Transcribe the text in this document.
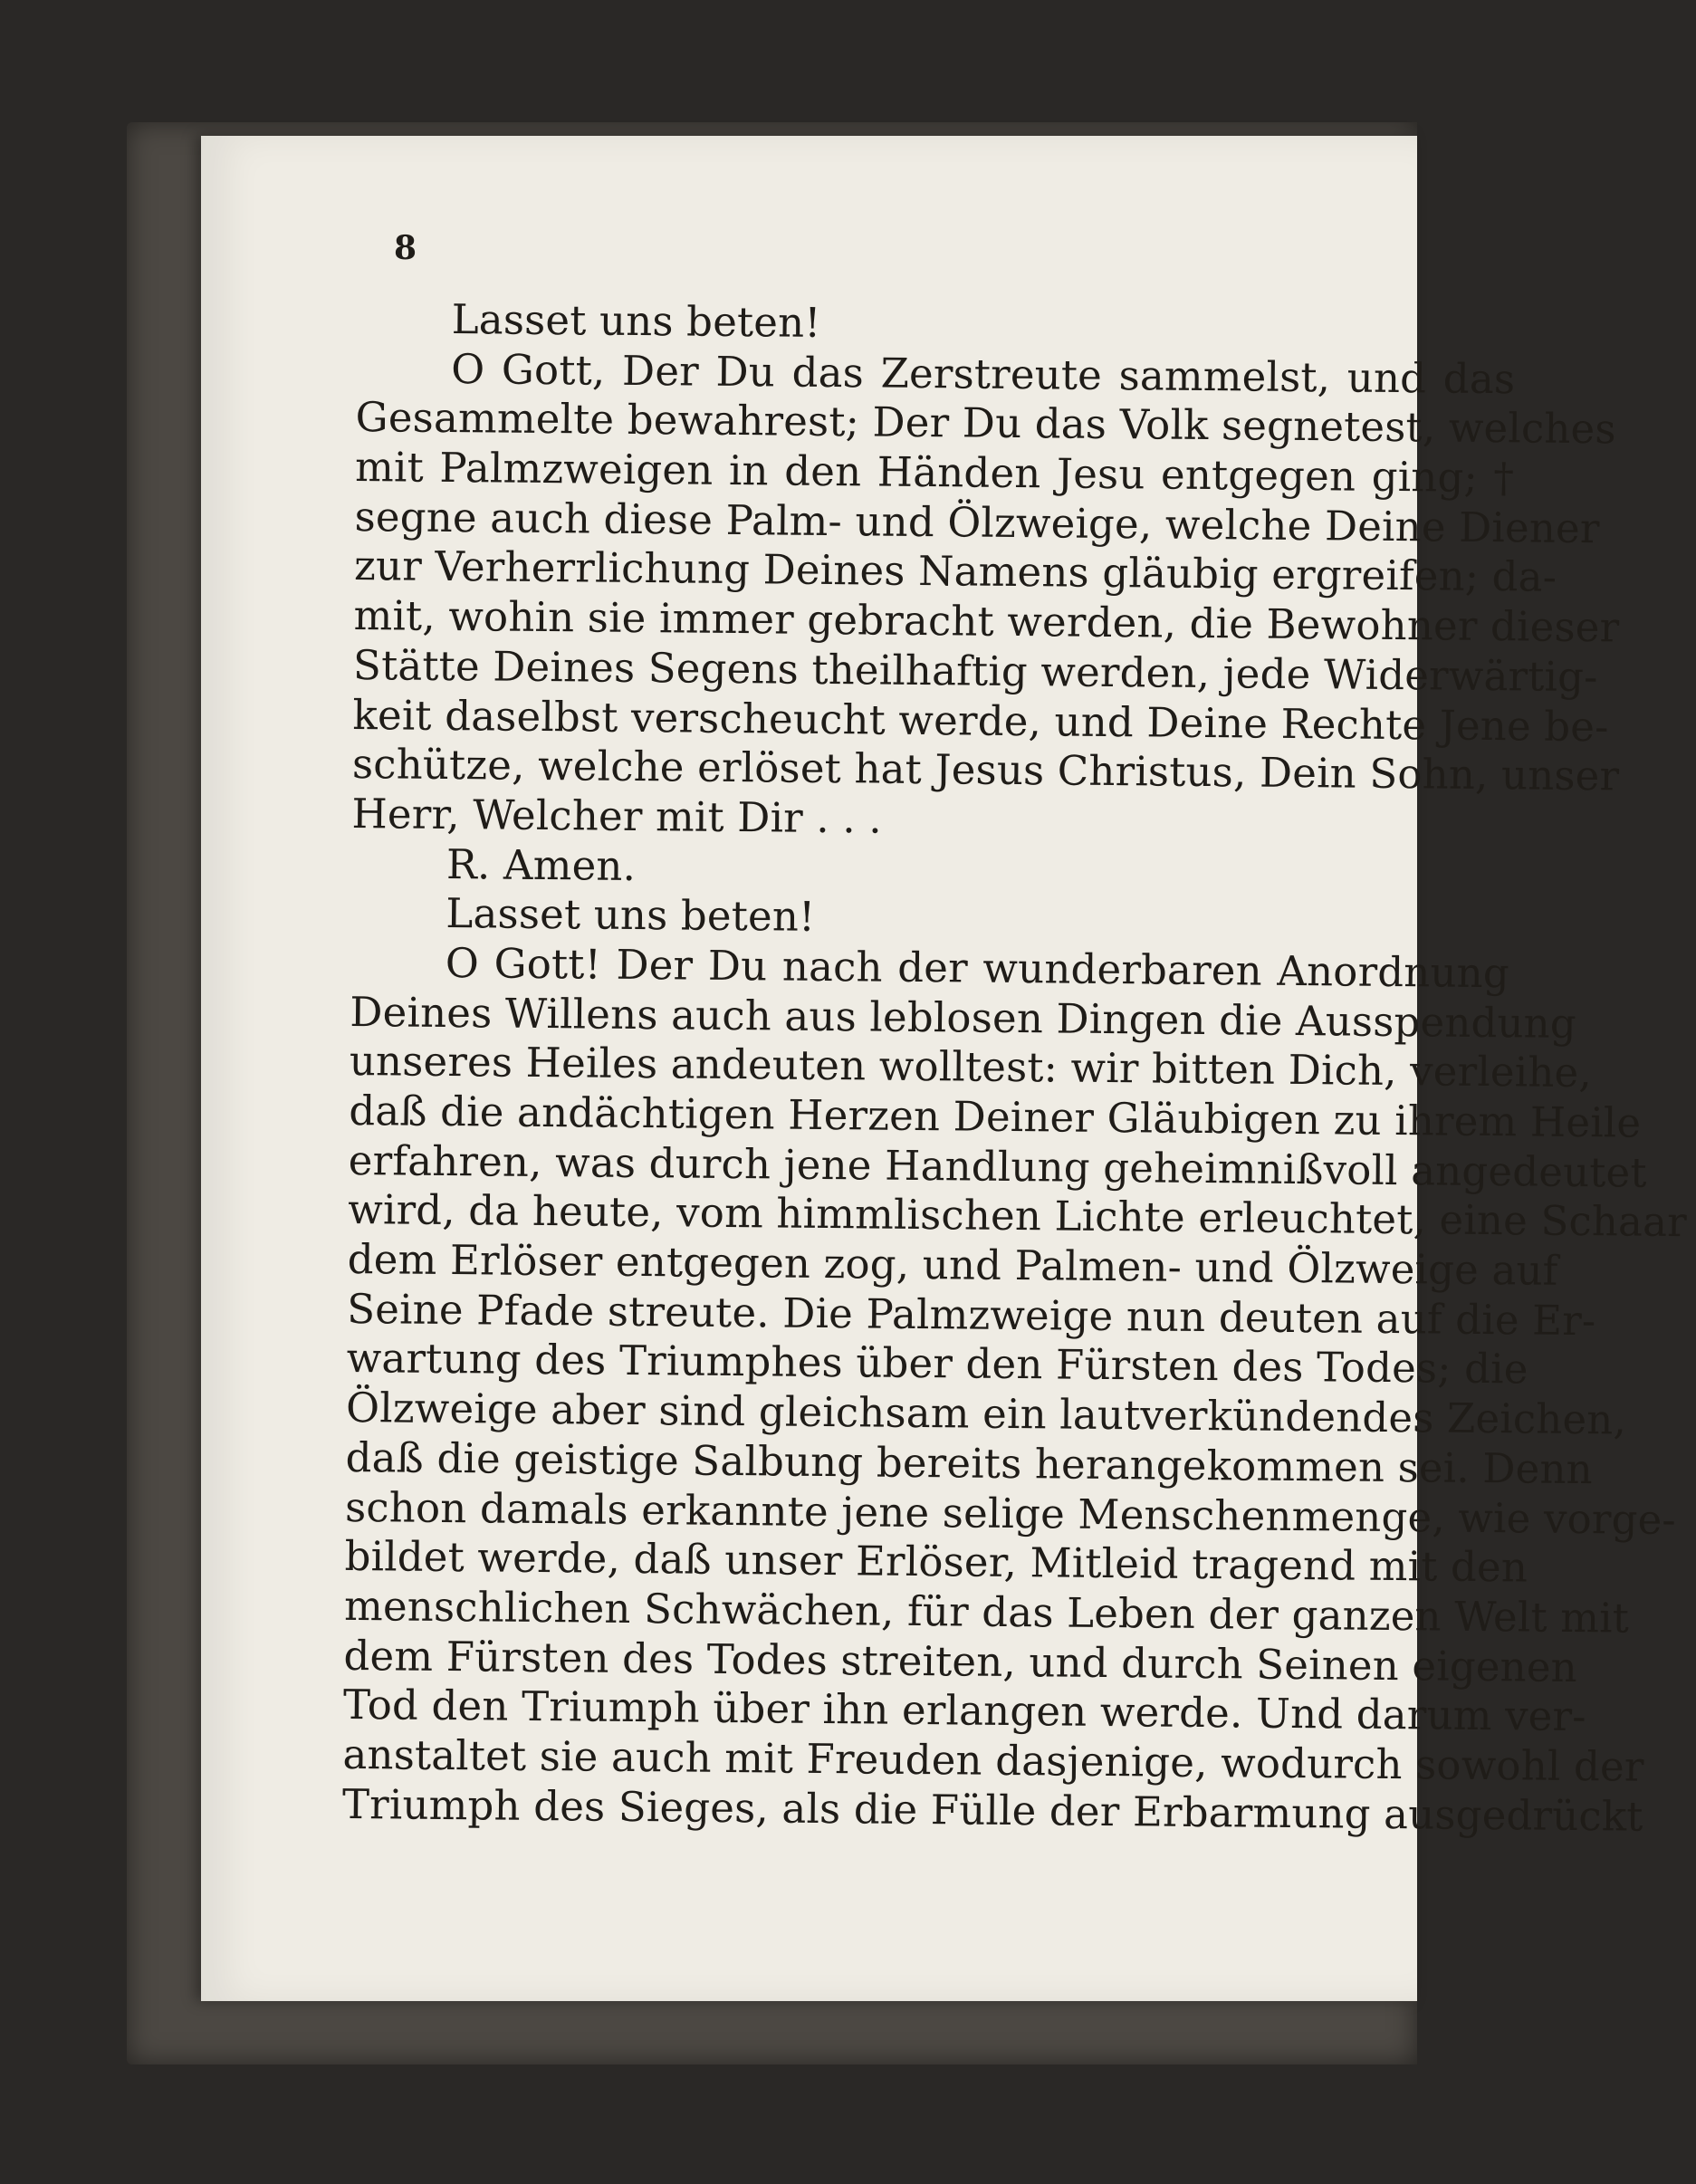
8
Lasset uns beten!
O Gott, Der Du das Zerstreute sammelst, und das
Gesammelte bewahrest; Der Du das Volk segnetest, welches
mit Palmzweigen in den Händen Jesu entgegen ging; †
segne auch diese Palm- und Ölzweige, welche Deine Diener
zur Verherrlichung Deines Namens gläubig ergreifen; da-
mit, wohin sie immer gebracht werden, die Bewohner dieser
Stätte Deines Segens theilhaftig werden, jede Widerwärtig-
keit daselbst verscheucht werde, und Deine Rechte Jene be-
schütze, welche erlöset hat Jesus Christus, Dein Sohn, unser
Herr, Welcher mit Dir . . .
R. Amen.
Lasset uns beten!
O Gott! Der Du nach der wunderbaren Anordnung
Deines Willens auch aus leblosen Dingen die Ausspendung
unseres Heiles andeuten wolltest: wir bitten Dich, verleihe,
daß die andächtigen Herzen Deiner Gläubigen zu ihrem Heile
erfahren, was durch jene Handlung geheimnißvoll angedeutet
wird, da heute, vom himmlischen Lichte erleuchtet, eine Schaar
dem Erlöser entgegen zog, und Palmen- und Ölzweige auf
Seine Pfade streute. Die Palmzweige nun deuten auf die Er-
wartung des Triumphes über den Fürsten des Todes; die
Ölzweige aber sind gleichsam ein lautverkündendes Zeichen,
daß die geistige Salbung bereits herangekommen sei. Denn
schon damals erkannte jene selige Menschenmenge, wie vorge-
bildet werde, daß unser Erlöser, Mitleid tragend mit den
menschlichen Schwächen, für das Leben der ganzen Welt mit
dem Fürsten des Todes streiten, und durch Seinen eigenen
Tod den Triumph über ihn erlangen werde. Und darum ver-
anstaltet sie auch mit Freuden dasjenige, wodurch sowohl der
Triumph des Sieges, als die Fülle der Erbarmung ausgedrückt
